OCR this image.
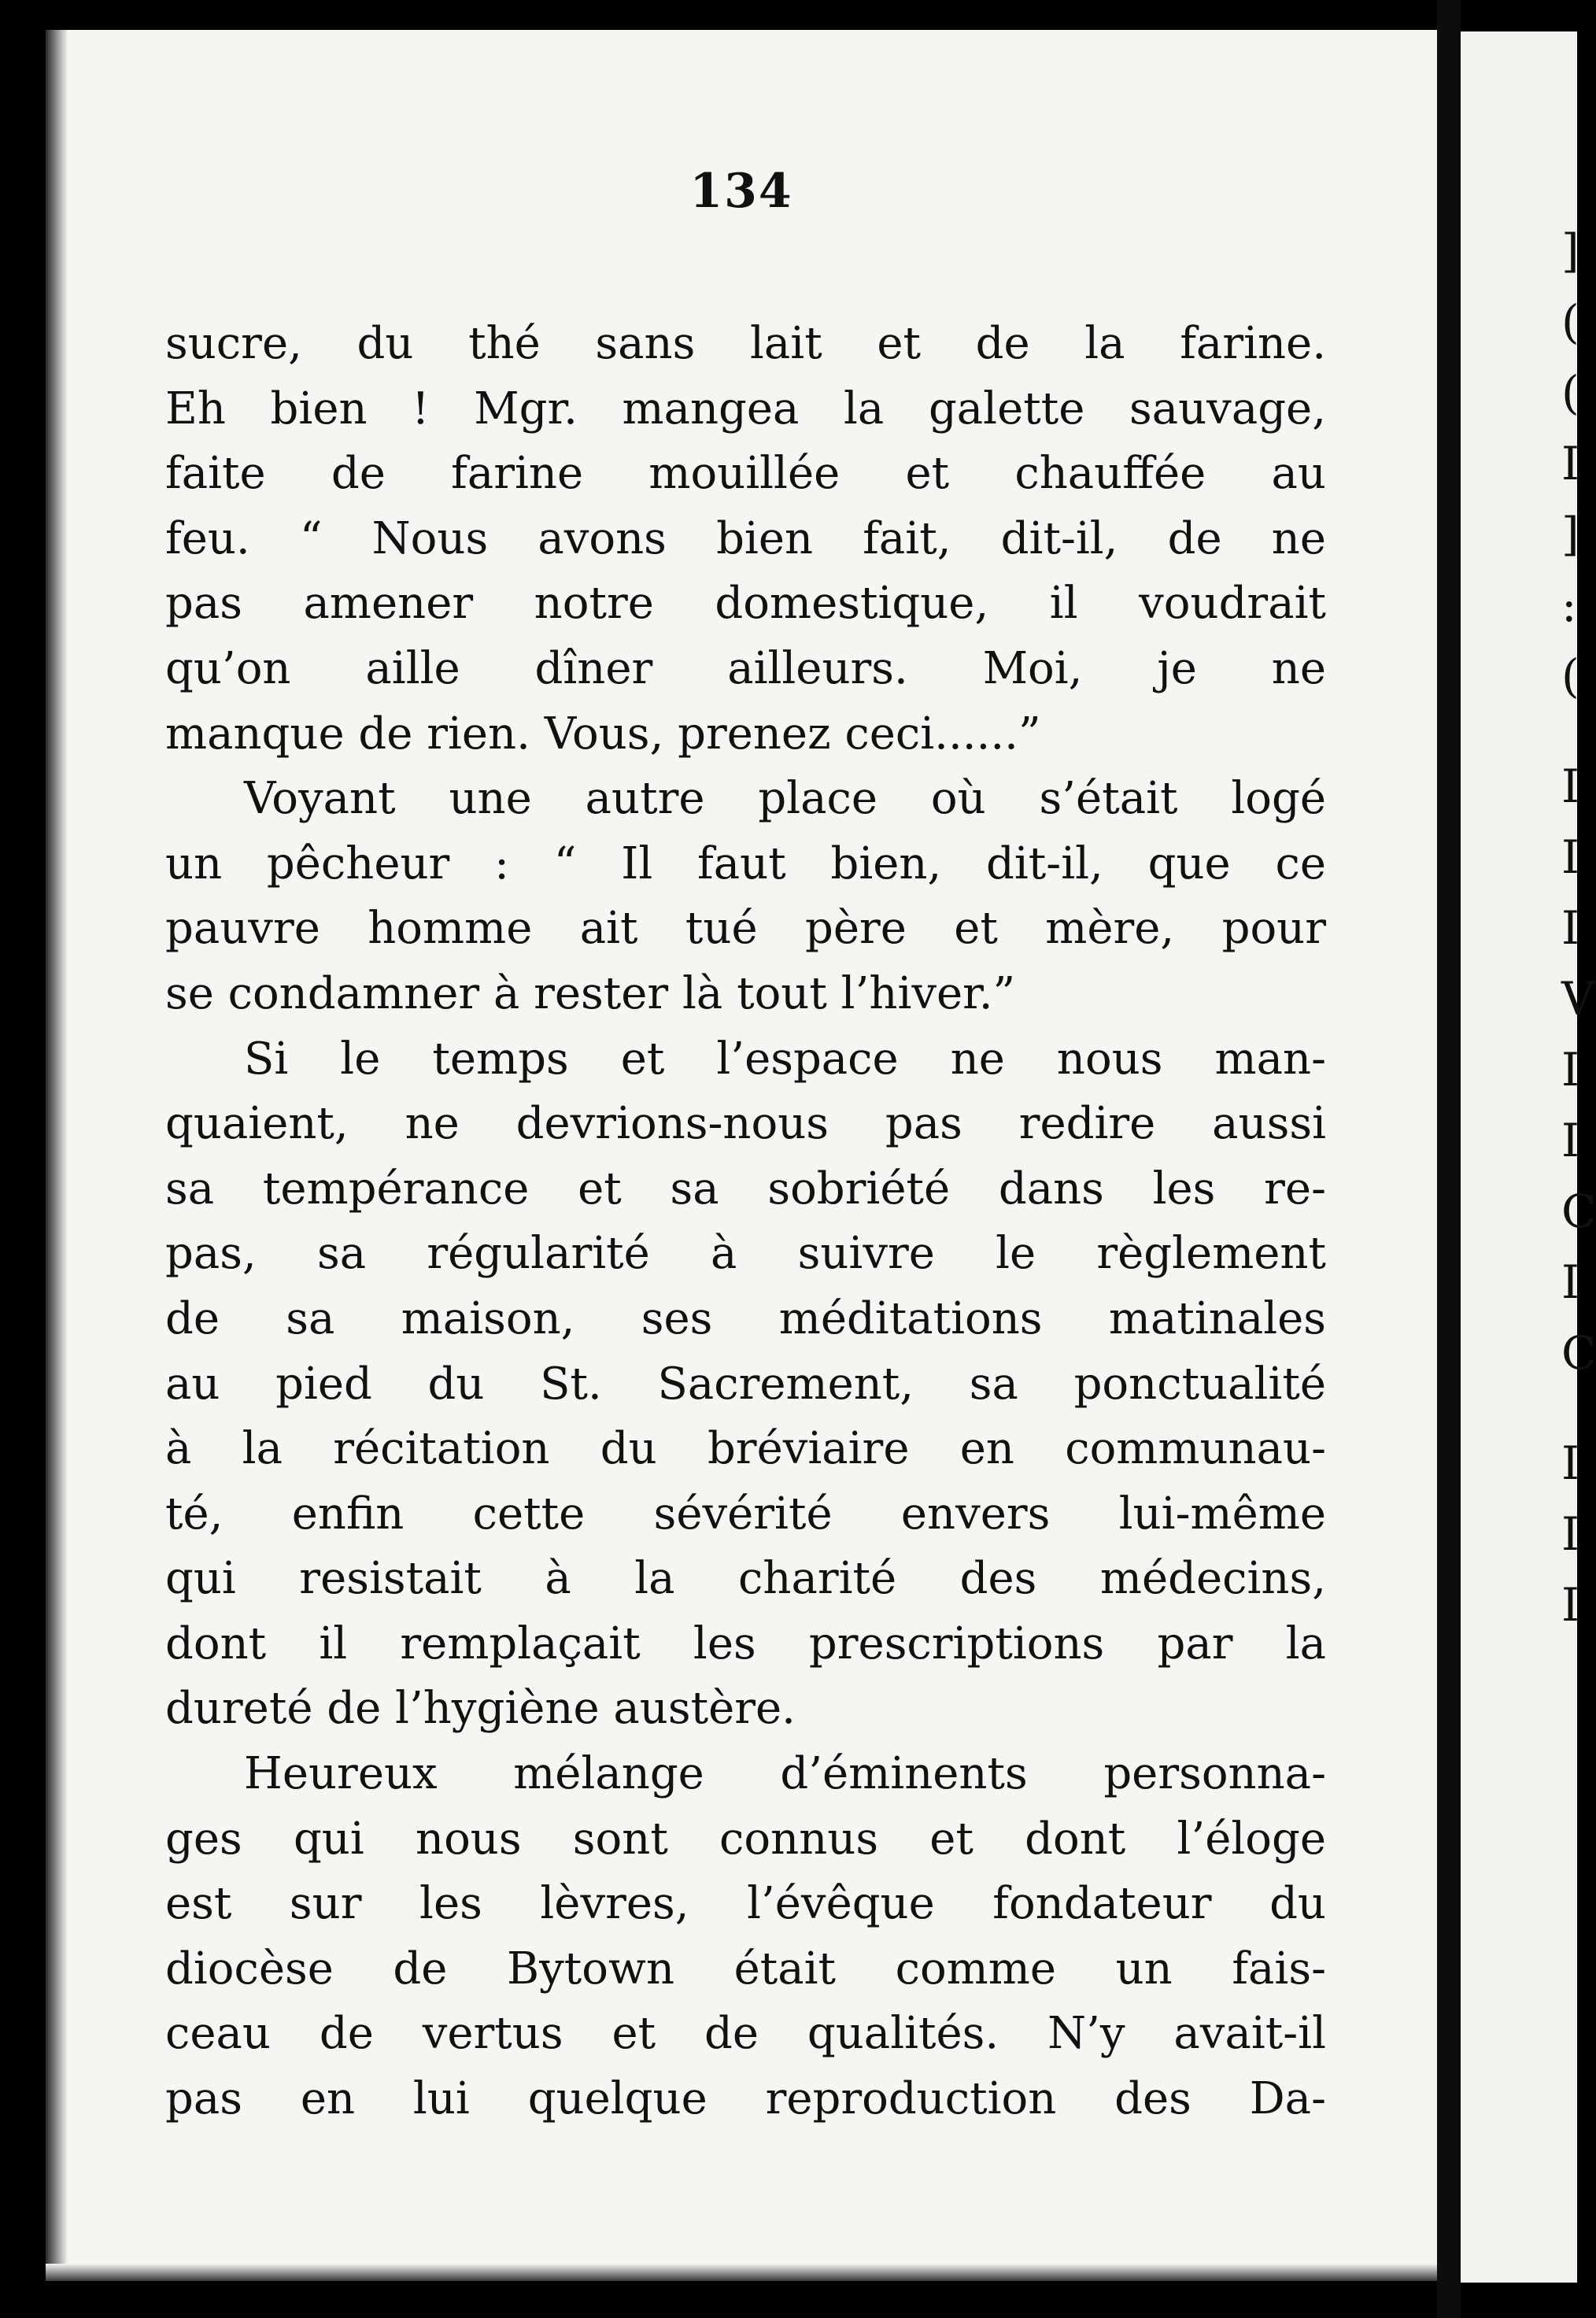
134
sucre, du thé sans lait et de la farine.
Eh bien ! Mgr. mangea la galette sauvage,
faite de farine mouillée et chauffée au
feu. “ Nous avons bien fait, dit-il, de ne
pas amener notre domestique, il voudrait
qu’on aille dîner ailleurs. Moi, je ne
manque de rien. Vous, prenez ceci......”
Voyant une autre place où s’était logé
un pêcheur : “ Il faut bien, dit-il, que ce
pauvre homme ait tué père et mère, pour
se condamner à rester là tout l’hiver.”
Si le temps et l’espace ne nous man-
quaient, ne devrions-nous pas redire aussi
sa tempérance et sa sobriété dans les re-
pas, sa régularité à suivre le règlement
de sa maison, ses méditations matinales
au pied du St. Sacrement, sa ponctualité
à la récitation du bréviaire en communau-
té, enfin cette sévérité envers lui-même
qui resistait à la charité des médecins,
dont il remplaçait les prescriptions par la
dureté de l’hygiène austère.
Heureux mélange d’éminents personna-
ges qui nous sont connus et dont l’éloge
est sur les lèvres, l’évêque fondateur du
diocèse de Bytown était comme un fais-
ceau de vertus et de qualités. N’y avait-il
pas en lui quelque reproduction des Da-
]
(
(
I
]
:
(
I
I
I
V
I
I
C
I
C
I
I
I
